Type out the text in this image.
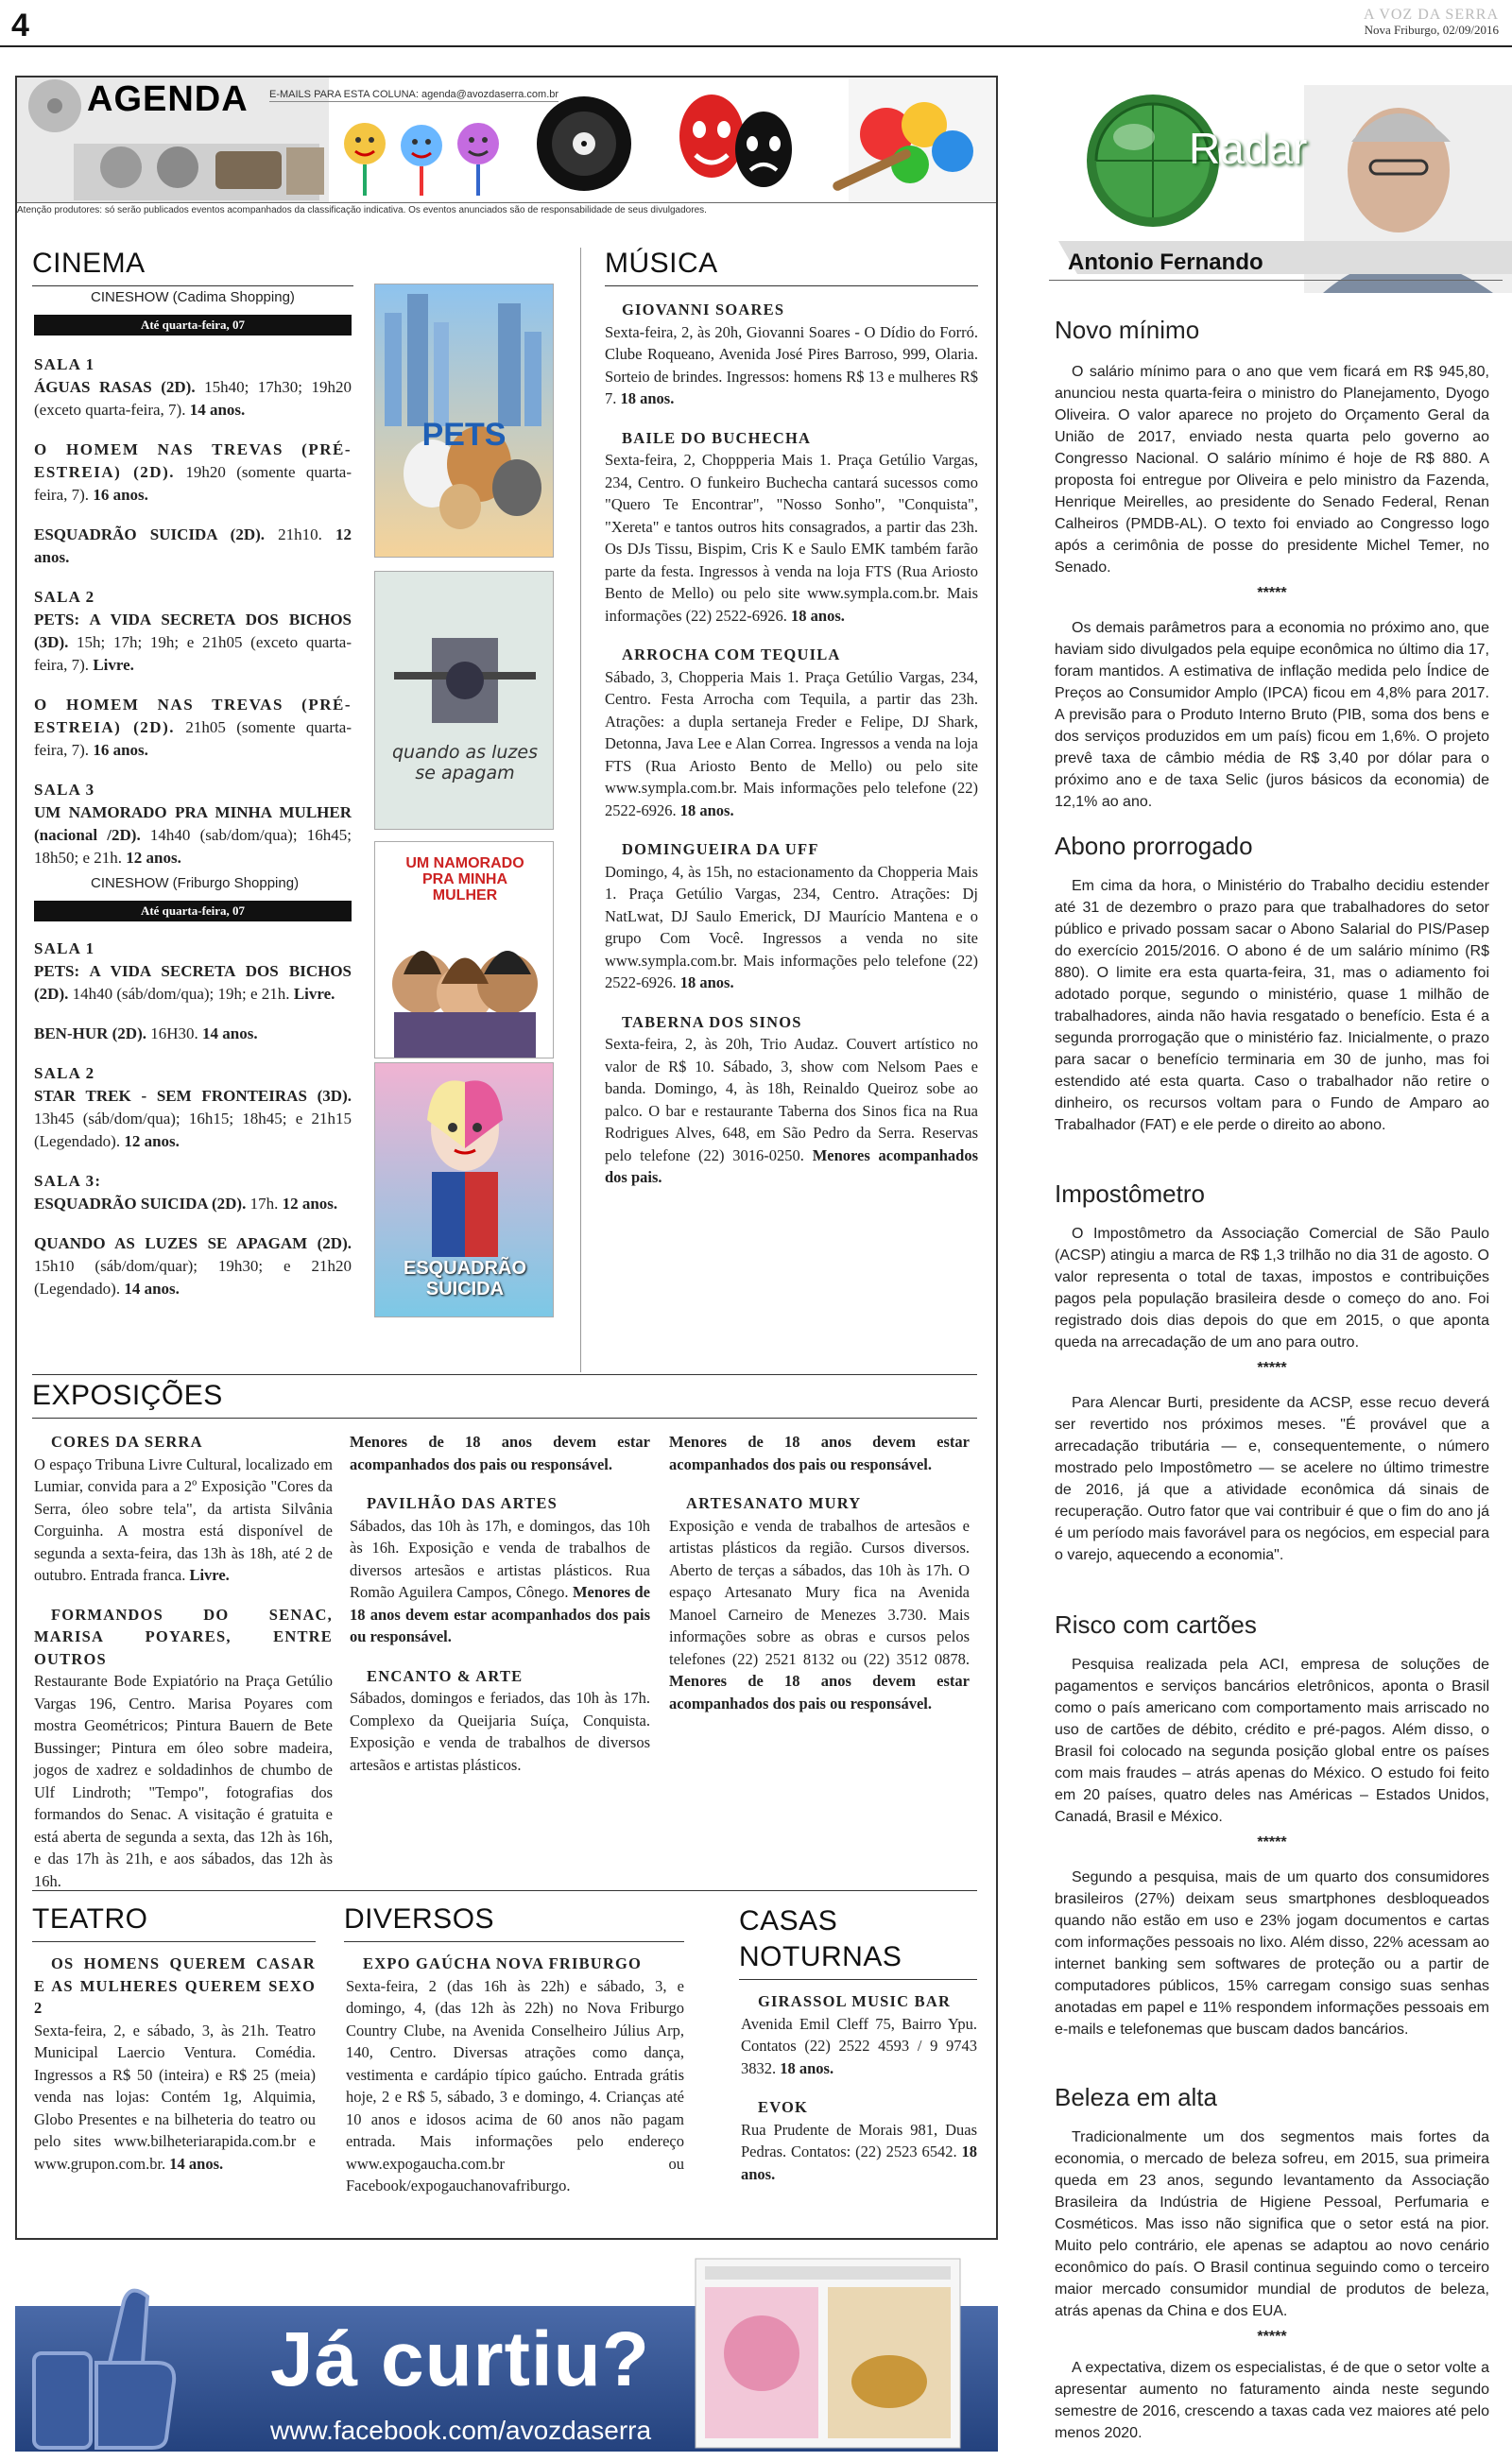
4	A VOZ DA SERRA
Nova Friburgo, 02/09/2016
AGENDA E-MAILS PARA ESTA COLUNA: agenda@avozdaserra.com.br
Atenção produtores: só serão publicados eventos acompanhados da classificação indicativa. Os eventos anunciados são de responsabilidade de seus divulgadores.
CINEMA
CINESHOW (Cadima Shopping)
Até quarta-feira, 07
SALA 1
ÁGUAS RASAS (2D). 15h40; 17h30; 19h20 (exceto quarta-feira, 7). 14 anos.
O HOMEM NAS TREVAS (PRÉ-ESTREIA) (2D). 19h20 (somente quarta-feira, 7). 16 anos.
ESQUADRÃO SUICIDA (2D). 21h10. 12 anos.
SALA 2
PETS: A VIDA SECRETA DOS BICHOS (3D). 15h; 17h; 19h; e 21h05 (exceto quarta-feira, 7). Livre.
O HOMEM NAS TREVAS (PRÉ-ESTREIA) (2D). 21h05 (somente quarta-feira, 7). 16 anos.
SALA 3
UM NAMORADO PRA MINHA MULHER (nacional /2D). 14h40 (sab/dom/qua); 16h45; 18h50; e 21h. 12 anos.
CINESHOW (Friburgo Shopping)
Até quarta-feira, 07
SALA 1
PETS: A VIDA SECRETA DOS BICHOS (2D). 14h40 (sáb/dom/qua); 19h; e 21h. Livre.
BEN-HUR (2D). 16H30. 14 anos.
SALA 2
STAR TREK - SEM FRONTEIRAS (3D). 13h45 (sáb/dom/qua); 16h15; 18h45; e 21h15 (Legendado). 12 anos.
SALA 3:
ESQUADRÃO SUICIDA (2D). 17h. 12 anos.
QUANDO AS LUZES SE APAGAM (2D). 15h10 (sáb/dom/quar); 19h30; e 21h20 (Legendado). 14 anos.
PETS
quando as luzes se apagam
UM NAMORADO PRA MINHA MULHER
ESQUADRÃO SUICIDA
MÚSICA
GIOVANNI SOARES
Sexta-feira, 2, às 20h, Giovanni Soares - O Dídio do Forró. Clube Roqueano, Avenida José Pires Barroso, 999, Olaria. Sorteio de brindes. Ingressos: homens R$ 13 e mulheres R$ 7. 18 anos.
BAILE DO BUCHECHA
Sexta-feira, 2, Choppperia Mais 1. Praça Getúlio Vargas, 234, Centro. O funkeiro Buchecha cantará sucessos como "Quero Te Encontrar", "Nosso Sonho", "Conquista", "Xereta" e tantos outros hits consagrados, a partir das 23h. Os DJs Tissu, Bispim, Cris K e Saulo EMK também farão parte da festa. Ingressos à venda na loja FTS (Rua Ariosto Bento de Mello) ou pelo site www.sympla.com.br. Mais informações (22) 2522-6926. 18 anos.
ARROCHA COM TEQUILA
Sábado, 3, Chopperia Mais 1. Praça Getúlio Vargas, 234, Centro. Festa Arrocha com Tequila, a partir das 23h. Atrações: a dupla sertaneja Freder e Felipe, DJ Shark, Detonna, Java Lee e Alan Correa. Ingressos a venda na loja FTS (Rua Ariosto Bento de Mello) ou pelo site www.sympla.com.br. Mais informações pelo telefone (22) 2522-6926. 18 anos.
DOMINGUEIRA DA UFF
Domingo, 4, às 15h, no estacionamento da Chopperia Mais 1. Praça Getúlio Vargas, 234, Centro. Atrações: Dj NatLwat, DJ Saulo Emerick, DJ Maurício Mantena e o grupo Com Você. Ingressos a venda no site www.sympla.com.br. Mais informações pelo telefone (22) 2522-6926. 18 anos.
TABERNA DOS SINOS
Sexta-feira, 2, às 20h, Trio Audaz. Couvert artístico no valor de R$ 10. Sábado, 3, show com Nelsom Paes e banda. Domingo, 4, às 18h, Reinaldo Queiroz sobe ao palco. O bar e restaurante Taberna dos Sinos fica na Rua Rodrigues Alves, 648, em São Pedro da Serra. Reservas pelo telefone (22) 3016-0250. Menores acompanhados dos pais.
EXPOSIÇÕES
CORES DA SERRA
O espaço Tribuna Livre Cultural, localizado em Lumiar, convida para a 2º Exposição "Cores da Serra, óleo sobre tela", da artista Silvânia Corguinha. A mostra está disponível de segunda a sexta-feira, das 13h às 18h, até 2 de outubro. Entrada franca. Livre.
FORMANDOS DO SENAC, MARISA POYARES, ENTRE OUTROS
Restaurante Bode Expiatório na Praça Getúlio Vargas 196, Centro. Marisa Poyares com mostra Geométricos; Pintura Bauern de Bete Bussinger; Pintura em óleo sobre madeira, jogos de xadrez e soldadinhos de chumbo de Ulf Lindroth; "Tempo", fotografias dos formandos do Senac. A visitação é gratuita e está aberta de segunda a sexta, das 12h às 16h, e das 17h às 21h, e aos sábados, das 12h às 16h.
Menores de 18 anos devem estar acompanhados dos pais ou responsável.
PAVILHÃO DAS ARTES
Sábados, das 10h às 17h, e domingos, das 10h às 16h. Exposição e venda de trabalhos de diversos artesãos e artistas plásticos. Rua Romão Aguilera Campos, Cônego. Menores de 18 anos devem estar acompanhados dos pais ou responsável.
ENCANTO & ARTE
Sábados, domingos e feriados, das 10h às 17h. Complexo da Queijaria Suíça, Conquista. Exposição e venda de trabalhos de diversos artesãos e artistas plásticos.
Menores de 18 anos devem estar acompanhados dos pais ou responsável.
ARTESANATO MURY
Exposição e venda de trabalhos de artesãos e artistas plásticos da região. Cursos diversos. Aberto de terças a sábados, das 10h às 17h. O espaço Artesanato Mury fica na Avenida Manoel Carneiro de Menezes 3.730. Mais informações sobre as obras e cursos pelos telefones (22) 2521 8132 ou (22) 3512 0878. Menores de 18 anos devem estar acompanhados dos pais ou responsável.
TEATRO
OS HOMENS QUEREM CASAR E AS MULHERES QUEREM SEXO 2
Sexta-feira, 2, e sábado, 3, às 21h. Teatro Municipal Laercio Ventura. Comédia. Ingressos a R$ 50 (inteira) e R$ 25 (meia) venda nas lojas: Contém 1g, Alquimia, Globo Presentes e na bilheteria do teatro ou pelo sites www.bilheteriarapida.com.br e www.grupon.com.br. 14 anos.
DIVERSOS
EXPO GAÚCHA NOVA FRIBURGO
Sexta-feira, 2 (das 16h às 22h) e sábado, 3, e domingo, 4, (das 12h às 22h) no Nova Friburgo Country Clube, na Avenida Conselheiro Július Arp, 140, Centro. Diversas atrações como dança, vestimenta e cardápio típico gaúcho. Entrada grátis hoje, 2 e R$ 5, sábado, 3 e domingo, 4. Crianças até 10 anos e idosos acima de 60 anos não pagam entrada. Mais informações pelo endereço www.expogaucha.com.br ou Facebook/expogauchanovafriburgo.
CASAS
NOTURNAS
GIRASSOL MUSIC BAR
Avenida Emil Cleff 75, Bairro Ypu. Contatos (22) 2522 4593 / 9 9743 3832. 18 anos.
EVOK
Rua Prudente de Morais 981, Duas Pedras. Contatos: (22) 2523 6542. 18 anos.
Já curtiu?
www.facebook.com/avozdaserra
Radar
Antonio Fernando
Novo mínimo
O salário mínimo para o ano que vem ficará em R$ 945,80, anunciou nesta quarta-feira o ministro do Planejamento, Dyogo Oliveira. O valor aparece no projeto do Orçamento Geral da União de 2017, enviado nesta quarta pelo governo ao Congresso Nacional. O salário mínimo é hoje de R$ 880. A proposta foi entregue por Oliveira e pelo ministro da Fazenda, Henrique Meirelles, ao presidente do Senado Federal, Renan Calheiros (PMDB-AL). O texto foi enviado ao Congresso logo após a cerimônia de posse do presidente Michel Temer, no Senado.
*****
Os demais parâmetros para a economia no próximo ano, que haviam sido divulgados pela equipe econômica no último dia 17, foram mantidos. A estimativa de inflação medida pelo Índice de Preços ao Consumidor Amplo (IPCA) ficou em 4,8% para 2017. A previsão para o Produto Interno Bruto (PIB, soma dos bens e dos serviços produzidos em um país) ficou em 1,6%. O projeto prevê taxa de câmbio média de R$ 3,40 por dólar para o próximo ano e de taxa Selic (juros básicos da economia) de 12,1% ao ano.
Abono prorrogado
Em cima da hora, o Ministério do Trabalho decidiu estender até 31 de dezembro o prazo para que trabalhadores do setor público e privado possam sacar o Abono Salarial do PIS/Pasep do exercício 2015/2016. O abono é de um salário mínimo (R$ 880). O limite era esta quarta-feira, 31, mas o adiamento foi adotado porque, segundo o ministério, quase 1 milhão de trabalhadores, ainda não havia resgatado o benefício. Esta é a segunda prorrogação que o ministério faz. Inicialmente, o prazo para sacar o benefício terminaria em 30 de junho, mas foi estendido até esta quarta. Caso o trabalhador não retire o dinheiro, os recursos voltam para o Fundo de Amparo ao Trabalhador (FAT) e ele perde o direito ao abono.
Impostômetro
O Impostômetro da Associação Comercial de São Paulo (ACSP) atingiu a marca de R$ 1,3 trilhão no dia 31 de agosto. O valor representa o total de taxas, impostos e contribuições pagos pela população brasileira desde o começo do ano. Foi registrado dois dias depois do que em 2015, o que aponta queda na arrecadação de um ano para outro.
*****
Para Alencar Burti, presidente da ACSP, esse recuo deverá ser revertido nos próximos meses. "É provável que a arrecadação tributária — e, consequentemente, o número mostrado pelo Impostômetro — se acelere no último trimestre de 2016, já que a atividade econômica dá sinais de recuperação. Outro fator que vai contribuir é que o fim do ano já é um período mais favorável para os negócios, em especial para o varejo, aquecendo a economia".
Risco com cartões
Pesquisa realizada pela ACI, empresa de soluções de pagamentos e serviços bancários eletrônicos, aponta o Brasil como o país americano com comportamento mais arriscado no uso de cartões de débito, crédito e pré-pagos. Além disso, o Brasil foi colocado na segunda posição global entre os países com mais fraudes – atrás apenas do México. O estudo foi feito em 20 países, quatro deles nas Américas – Estados Unidos, Canadá, Brasil e México.
*****
Segundo a pesquisa, mais de um quarto dos consumidores brasileiros (27%) deixam seus smartphones desbloqueados quando não estão em uso e 23% jogam documentos e cartas com informações pessoais no lixo. Além disso, 22% acessam ao internet banking sem softwares de proteção ou a partir de computadores públicos, 15% carregam consigo suas senhas anotadas em papel e 11% respondem informações pessoais em e-mails e telefonemas que buscam dados bancários.
Beleza em alta
Tradicionalmente um dos segmentos mais fortes da economia, o mercado de beleza sofreu, em 2015, sua primeira queda em 23 anos, segundo levantamento da Associação Brasileira da Indústria de Higiene Pessoal, Perfumaria e Cosméticos. Mas isso não significa que o setor está na pior. Muito pelo contrário, ele apenas se adaptou ao novo cenário econômico do país. O Brasil continua seguindo como o terceiro maior mercado consumidor mundial de produtos de beleza, atrás apenas da China e dos EUA.
*****
A expectativa, dizem os especialistas, é de que o setor volte a apresentar aumento no faturamento ainda neste segundo semestre de 2016, crescendo a taxas cada vez maiores até pelo menos 2020.
